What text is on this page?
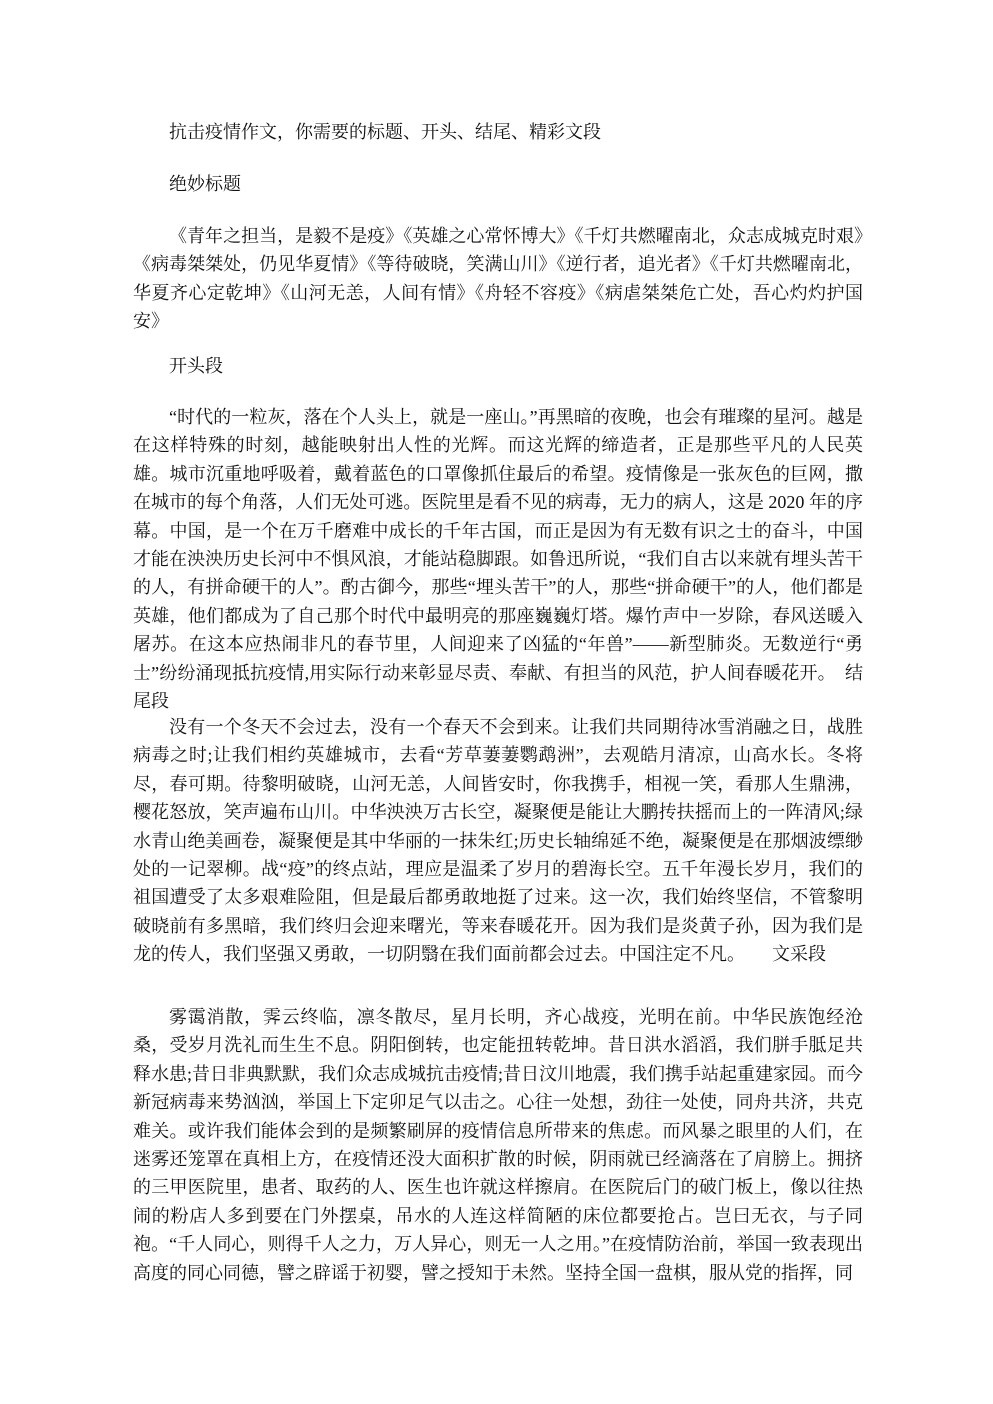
抗击疫情作文，你需要的标题、开头、结尾、精彩文段
绝妙标题
《青年之担当，是毅不是疫》《英雄之心常怀博大》《千灯共燃曜南北，众志成城克时艰》《病毒桀桀处，仍见华夏情》《等待破晓，笑满山川》《逆行者，追光者》《千灯共燃曜南北，华夏齐心定乾坤》《山河无恙，人间有情》《舟轻不容疫》《病虐桀桀危亡处，吾心灼灼护国安》
开头段
“时代的一粒灰，落在个人头上，就是一座山。”再黑暗的夜晚，也会有璀璨的星河。越是在这样特殊的时刻，越能映射出人性的光辉。而这光辉的缔造者，正是那些平凡的人民英雄。城市沉重地呼吸着，戴着蓝色的口罩像抓住最后的希望。疫情像是一张灰色的巨网，撒在城市的每个角落，人们无处可逃。医院里是看不见的病毒，无力的病人，这是 2020 年的序幕。中国，是一个在万千磨难中成长的千年古国，而正是因为有无数有识之士的奋斗，中国才能在泱泱历史长河中不惧风浪，才能站稳脚跟。如鲁迅所说，“我们自古以来就有埋头苦干的人，有拼命硬干的人”。酌古御今，那些“埋头苦干”的人，那些“拼命硬干”的人，他们都是英雄，他们都成为了自己那个时代中最明亮的那座巍巍灯塔。爆竹声中一岁除，春风送暖入屠苏。在这本应热闹非凡的春节里，人间迎来了凶猛的“年兽”——新型肺炎。无数逆行“勇士”纷纷涌现抵抗疫情,用实际行动来彰显尽责、奉献、有担当的风范，护人间春暖花开。　结 尾段
没有一个冬天不会过去，没有一个春天不会到来。让我们共同期待冰雪消融之日，战胜病毒之时;让我们相约英雄城市，去看“芳草萋萋鹦鹉洲”，去观皓月清凉，山高水长。冬将尽，春可期。待黎明破晓，山河无恙，人间皆安时，你我携手，相视一笑，看那人生鼎沸，樱花怒放，笑声遍布山川。中华泱泱万古长空，凝聚便是能让大鹏抟扶摇而上的一阵清风;绿水青山绝美画卷，凝聚便是其中华丽的一抹朱红;历史长轴绵延不绝，凝聚便是在那烟波缥缈处的一记翠柳。战“疫”的终点站，理应是温柔了岁月的碧海长空。五千年漫长岁月，我们的祖国遭受了太多艰难险阻，但是最后都勇敢地挺了过来。这一次，我们始终坚信，不管黎明破晓前有多黑暗，我们终归会迎来曙光，等来春暖花开。因为我们是炎黄子孙，因为我们是龙的传人，我们坚强又勇敢，一切阴翳在我们面前都会过去。中国注定不凡。　　文采段
雾霭消散，霁云终临，凛冬散尽，星月长明，齐心战疫，光明在前。中华民族饱经沧桑，受岁月洗礼而生生不息。阴阳倒转，也定能扭转乾坤。昔日洪水滔滔，我们胼手胝足共释水患;昔日非典默默，我们众志成城抗击疫情;昔日汶川地震，我们携手站起重建家园。而今新冠病毒来势汹汹，举国上下定卯足气以击之。心往一处想，劲往一处使，同舟共济，共克难关。或许我们能体会到的是频繁刷屏的疫情信息所带来的焦虑。而风暴之眼里的人们，在迷雾还笼罩在真相上方，在疫情还没大面积扩散的时候，阴雨就已经滴落在了肩膀上。拥挤的三甲医院里，患者、取药的人、医生也许就这样擦肩。在医院后门的破门板上，像以往热闹的粉店人多到要在门外摆桌，吊水的人连这样简陋的床位都要抢占。岂曰无衣，与子同袍。“千人同心，则得千人之力，万人异心，则无一人之用。”在疫情防治前，举国一致表现出高度的同心同德，譬之辟谣于初婴，譬之授知于未然。坚持全国一盘棋，服从党的指挥，同
